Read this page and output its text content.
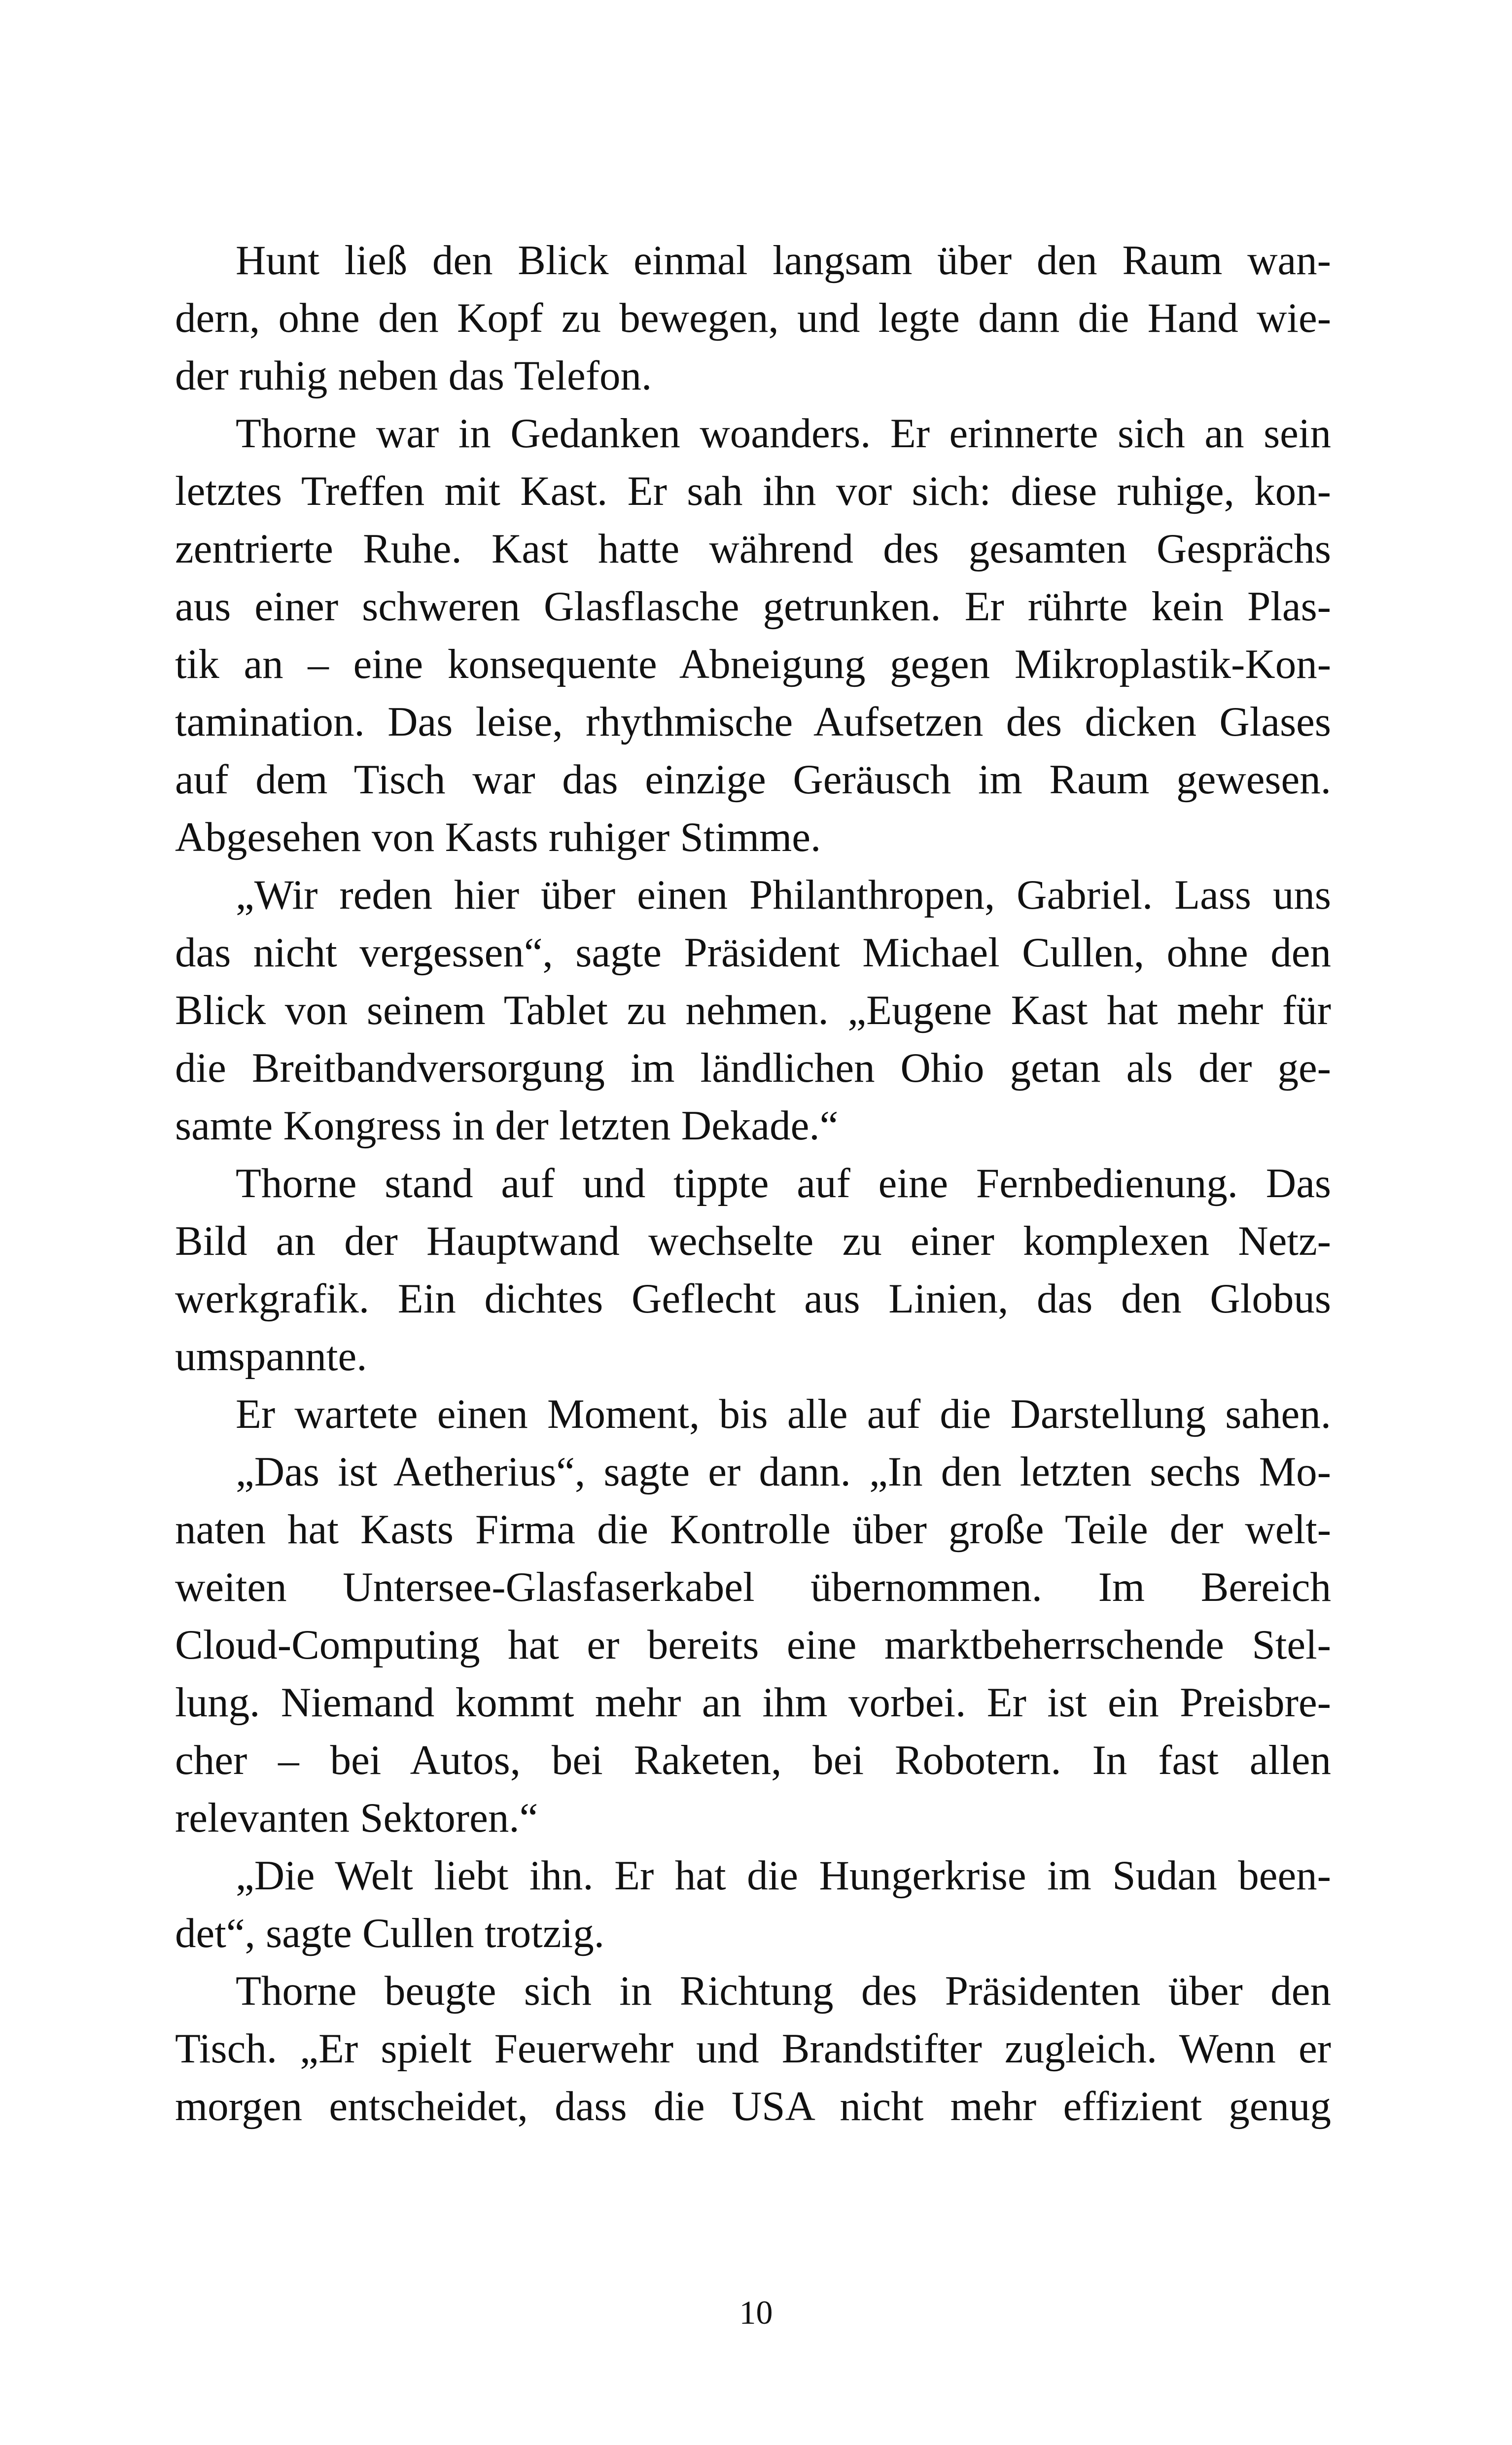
Hunt ließ den Blick einmal langsam über den Raum wan-
dern, ohne den Kopf zu bewegen, und legte dann die Hand wie-
der ruhig neben das Telefon.
Thorne war in Gedanken woanders. Er erinnerte sich an sein
letztes Treffen mit Kast. Er sah ihn vor sich: diese ruhige, kon-
zentrierte Ruhe. Kast hatte während des gesamten Gesprächs
aus einer schweren Glasflasche getrunken. Er rührte kein Plas-
tik an – eine konsequente Abneigung gegen Mikroplastik-Kon-
tamination. Das leise, rhythmische Aufsetzen des dicken Glases
auf dem Tisch war das einzige Geräusch im Raum gewesen.
Abgesehen von Kasts ruhiger Stimme.
„Wir reden hier über einen Philanthropen, Gabriel. Lass uns
das nicht vergessen“, sagte Präsident Michael Cullen, ohne den
Blick von seinem Tablet zu nehmen. „Eugene Kast hat mehr für
die Breitbandversorgung im ländlichen Ohio getan als der ge-
samte Kongress in der letzten Dekade.“
Thorne stand auf und tippte auf eine Fernbedienung. Das
Bild an der Hauptwand wechselte zu einer komplexen Netz-
werkgrafik. Ein dichtes Geflecht aus Linien, das den Globus
umspannte.
Er wartete einen Moment, bis alle auf die Darstellung sahen.
„Das ist Aetherius“, sagte er dann. „In den letzten sechs Mo-
naten hat Kasts Firma die Kontrolle über große Teile der welt-
weiten Untersee-Glasfaserkabel übernommen. Im Bereich
Cloud-Computing hat er bereits eine marktbeherrschende Stel-
lung. Niemand kommt mehr an ihm vorbei. Er ist ein Preisbre-
cher – bei Autos, bei Raketen, bei Robotern. In fast allen
relevanten Sektoren.“
„Die Welt liebt ihn. Er hat die Hungerkrise im Sudan been-
det“, sagte Cullen trotzig.
Thorne beugte sich in Richtung des Präsidenten über den
Tisch. „Er spielt Feuerwehr und Brandstifter zugleich. Wenn er
morgen entscheidet, dass die USA nicht mehr effizient genug
10
